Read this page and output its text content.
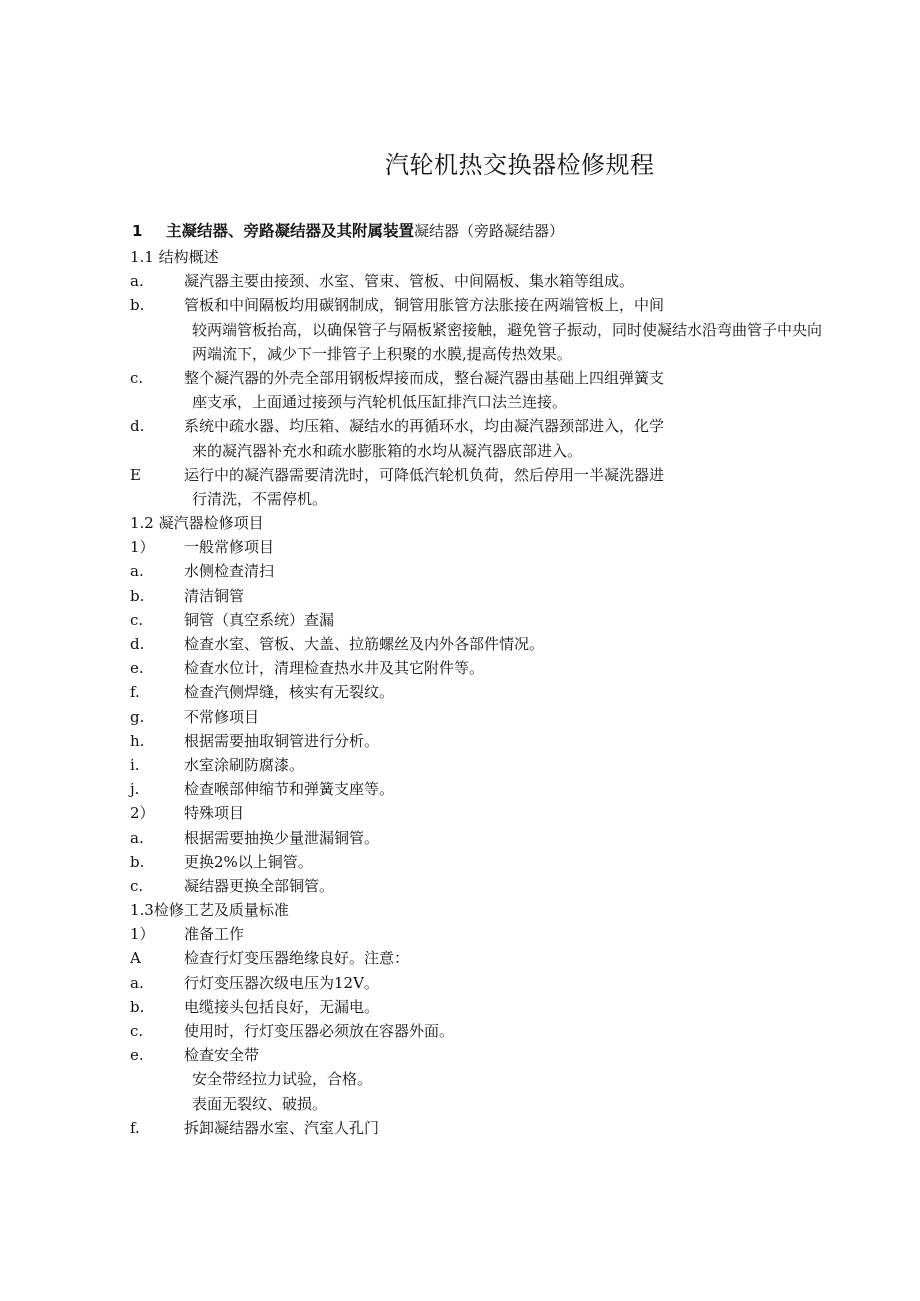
汽轮机热交换器检修规程
1 主凝结器、旁路凝结器及其附属装置凝结器（旁路凝结器）
1.1 结构概述
a.	凝汽器主要由接颈、水室、管束、管板、中间隔板、集水箱等组成。
b.	管板和中间隔板均用碳钢制成，铜管用胀管方法胀接在两端管板上，中间
较两端管板抬高，以确保管子与隔板紧密接触，避免管子振动，同时使凝结水沿弯曲管子中央向
两端流下，减少下一排管子上积聚的水膜,提高传热效果。
c.	整个凝汽器的外壳全部用钢板焊接而成，整台凝汽器由基础上四组弹簧支
座支承，上面通过接颈与汽轮机低压缸排汽口法兰连接。
d.	系统中疏水器、均压箱、凝结水的再循环水，均由凝汽器颈部进入，化学
来的凝汽器补充水和疏水膨胀箱的水均从凝汽器底部进入。
E	运行中的凝汽器需要清洗时，可降低汽轮机负荷，然后停用一半凝洗器进
行清洗，不需停机。
1.2 凝汽器检修项目
1） 一般常修项目
a.	水侧检查清扫
b.	清洁铜管
c.	铜管（真空系统）查漏
d.	检查水室、管板、大盖、拉筋螺丝及内外各部件情况。
e.	检查水位计，清理检查热水井及其它附件等。
f.	检查汽侧焊缝，核实有无裂纹。
g.	不常修项目
h.	根据需要抽取铜管进行分析。
i.	水室涂刷防腐漆。
j.	检查喉部伸缩节和弹簧支座等。
2） 特殊项目
a.	根据需要抽换少量泄漏铜管。
b.	更换2%以上铜管。
c.	凝结器更换全部铜管。
1.3检修工艺及质量标准
1） 准备工作
A	检查行灯变压器绝缘良好。注意：
a.	行灯变压器次级电压为12V。
b.	电缆接头包括良好，无漏电。
c.	使用时，行灯变压器必须放在容器外面。
e.	检查安全带
安全带经拉力试验，合格。
表面无裂纹、破损。
f.	拆卸凝结器水室、汽室人孔门
